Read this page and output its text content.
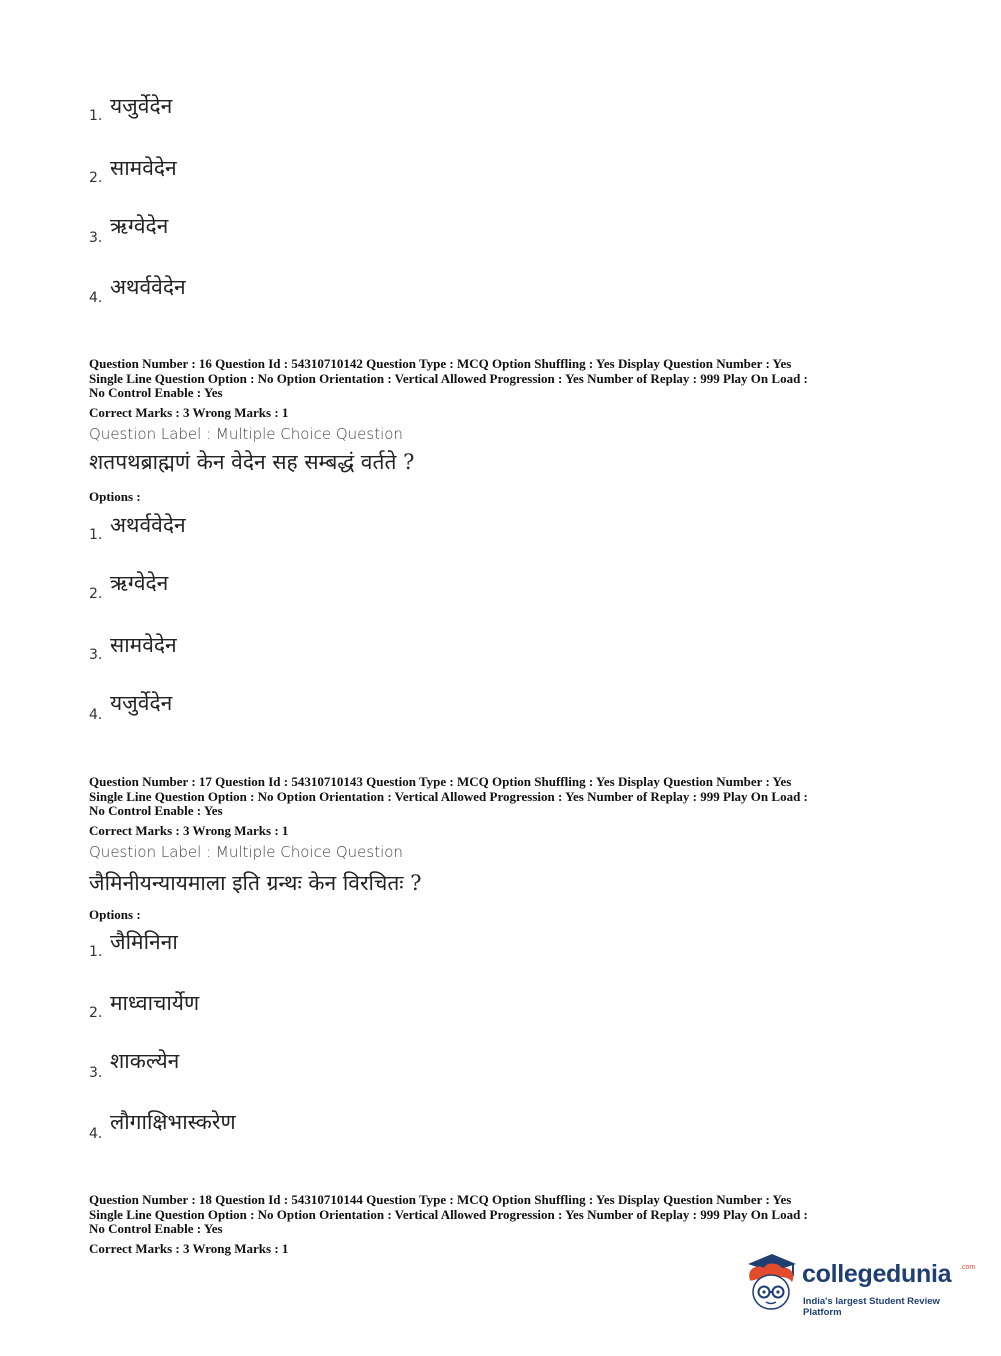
1. यजुर्वेदेन
2. सामवेदेन
3. ऋग्वेदेन
4. अथर्ववेदेन
Question Number : 16 Question Id : 54310710142 Question Type : MCQ Option Shuffling : Yes Display Question Number : Yes
Single Line Question Option : No Option Orientation : Vertical Allowed Progression : Yes Number of Replay : 999 Play On Load :
No Control Enable : Yes
Correct Marks : 3 Wrong Marks : 1
Question Label : Multiple Choice Question
शतपथब्राह्मणं केन वेदेन सह सम्बद्धं वर्तते ?
Options :
1. अथर्ववेदेन
2. ऋग्वेदेन
3. सामवेदेन
4. यजुर्वेदेन
Question Number : 17 Question Id : 54310710143 Question Type : MCQ Option Shuffling : Yes Display Question Number : Yes
Single Line Question Option : No Option Orientation : Vertical Allowed Progression : Yes Number of Replay : 999 Play On Load :
No Control Enable : Yes
Correct Marks : 3 Wrong Marks : 1
Question Label : Multiple Choice Question
जैमिनीयन्यायमाला इति ग्रन्थः केन विरचितः ?
Options :
1. जैमिनिना
2. माध्वाचार्येण
3. शाकल्येन
4. लौगाक्षिभास्करेण
Question Number : 18 Question Id : 54310710144 Question Type : MCQ Option Shuffling : Yes Display Question Number : Yes
Single Line Question Option : No Option Orientation : Vertical Allowed Progression : Yes Number of Replay : 999 Play On Load :
No Control Enable : Yes
Correct Marks : 3 Wrong Marks : 1
collegedunia .com
India's largest Student Review Platform
